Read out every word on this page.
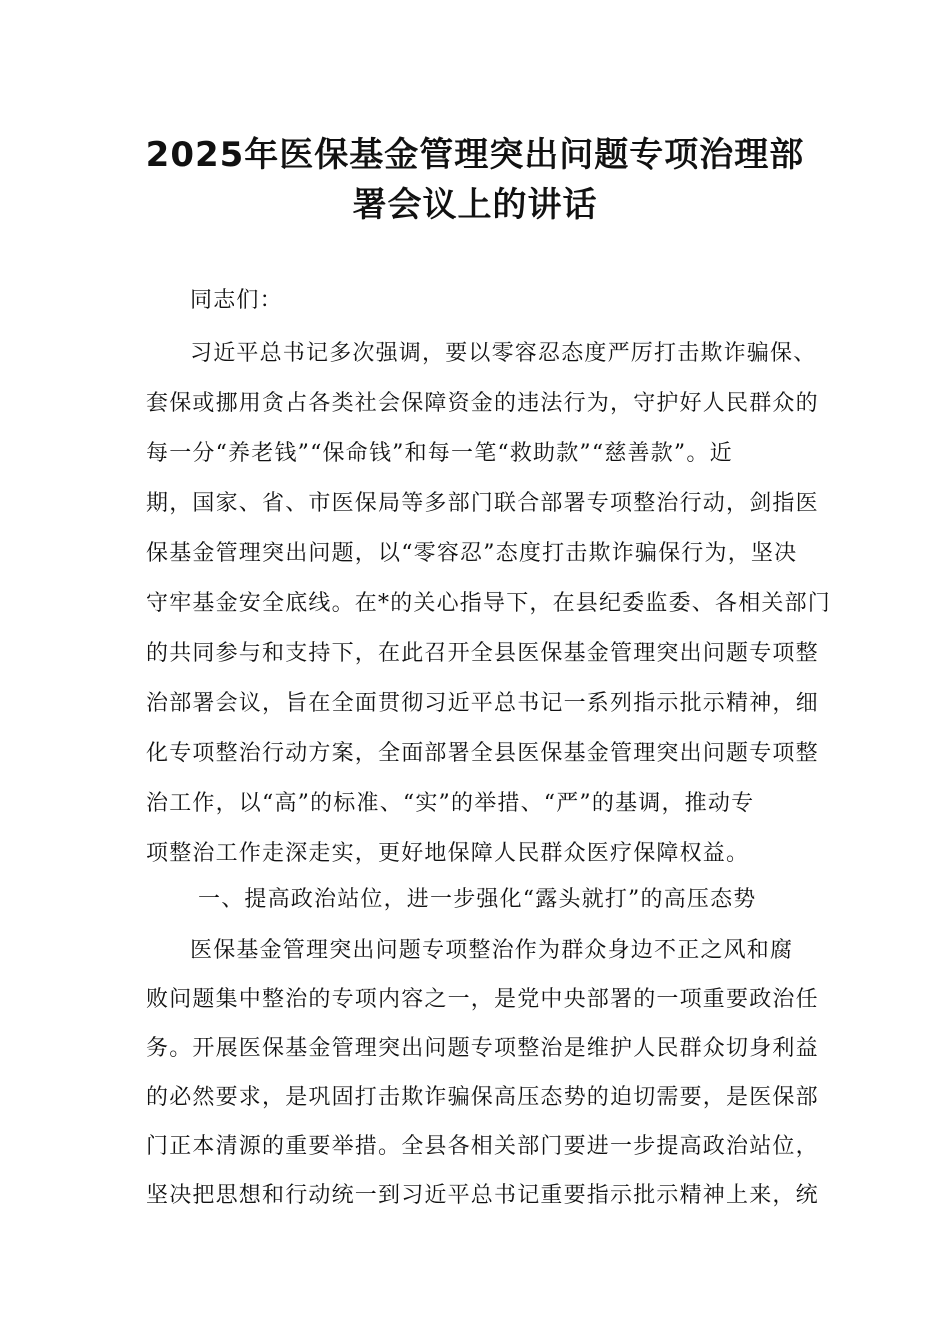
2025年医保基金管理突出问题专项治理部
署会议上的讲话
同志们：
习近平总书记多次强调，要以零容忍态度严厉打击欺诈骗保、
套保或挪用贪占各类社会保障资金的违法行为，守护好人民群众的
每一分“养老钱”“保命钱”和每一笔“救助款”“慈善款”。近
期，国家、省、市医保局等多部门联合部署专项整治行动，剑指医
保基金管理突出问题，以“零容忍”态度打击欺诈骗保行为，坚决
守牢基金安全底线。在*的关心指导下，在县纪委监委、各相关部门
的共同参与和支持下，在此召开全县医保基金管理突出问题专项整
治部署会议，旨在全面贯彻习近平总书记一系列指示批示精神，细
化专项整治行动方案，全面部署全县医保基金管理突出问题专项整
治工作，以“高”的标准、“实”的举措、“严”的基调，推动专
项整治工作走深走实，更好地保障人民群众医疗保障权益。
一、提高政治站位，进一步强化“露头就打”的高压态势
医保基金管理突出问题专项整治作为群众身边不正之风和腐
败问题集中整治的专项内容之一，是党中央部署的一项重要政治任
务。开展医保基金管理突出问题专项整治是维护人民群众切身利益
的必然要求，是巩固打击欺诈骗保高压态势的迫切需要，是医保部
门正本清源的重要举措。全县各相关部门要进一步提高政治站位，
坚决把思想和行动统一到习近平总书记重要指示批示精神上来，统
